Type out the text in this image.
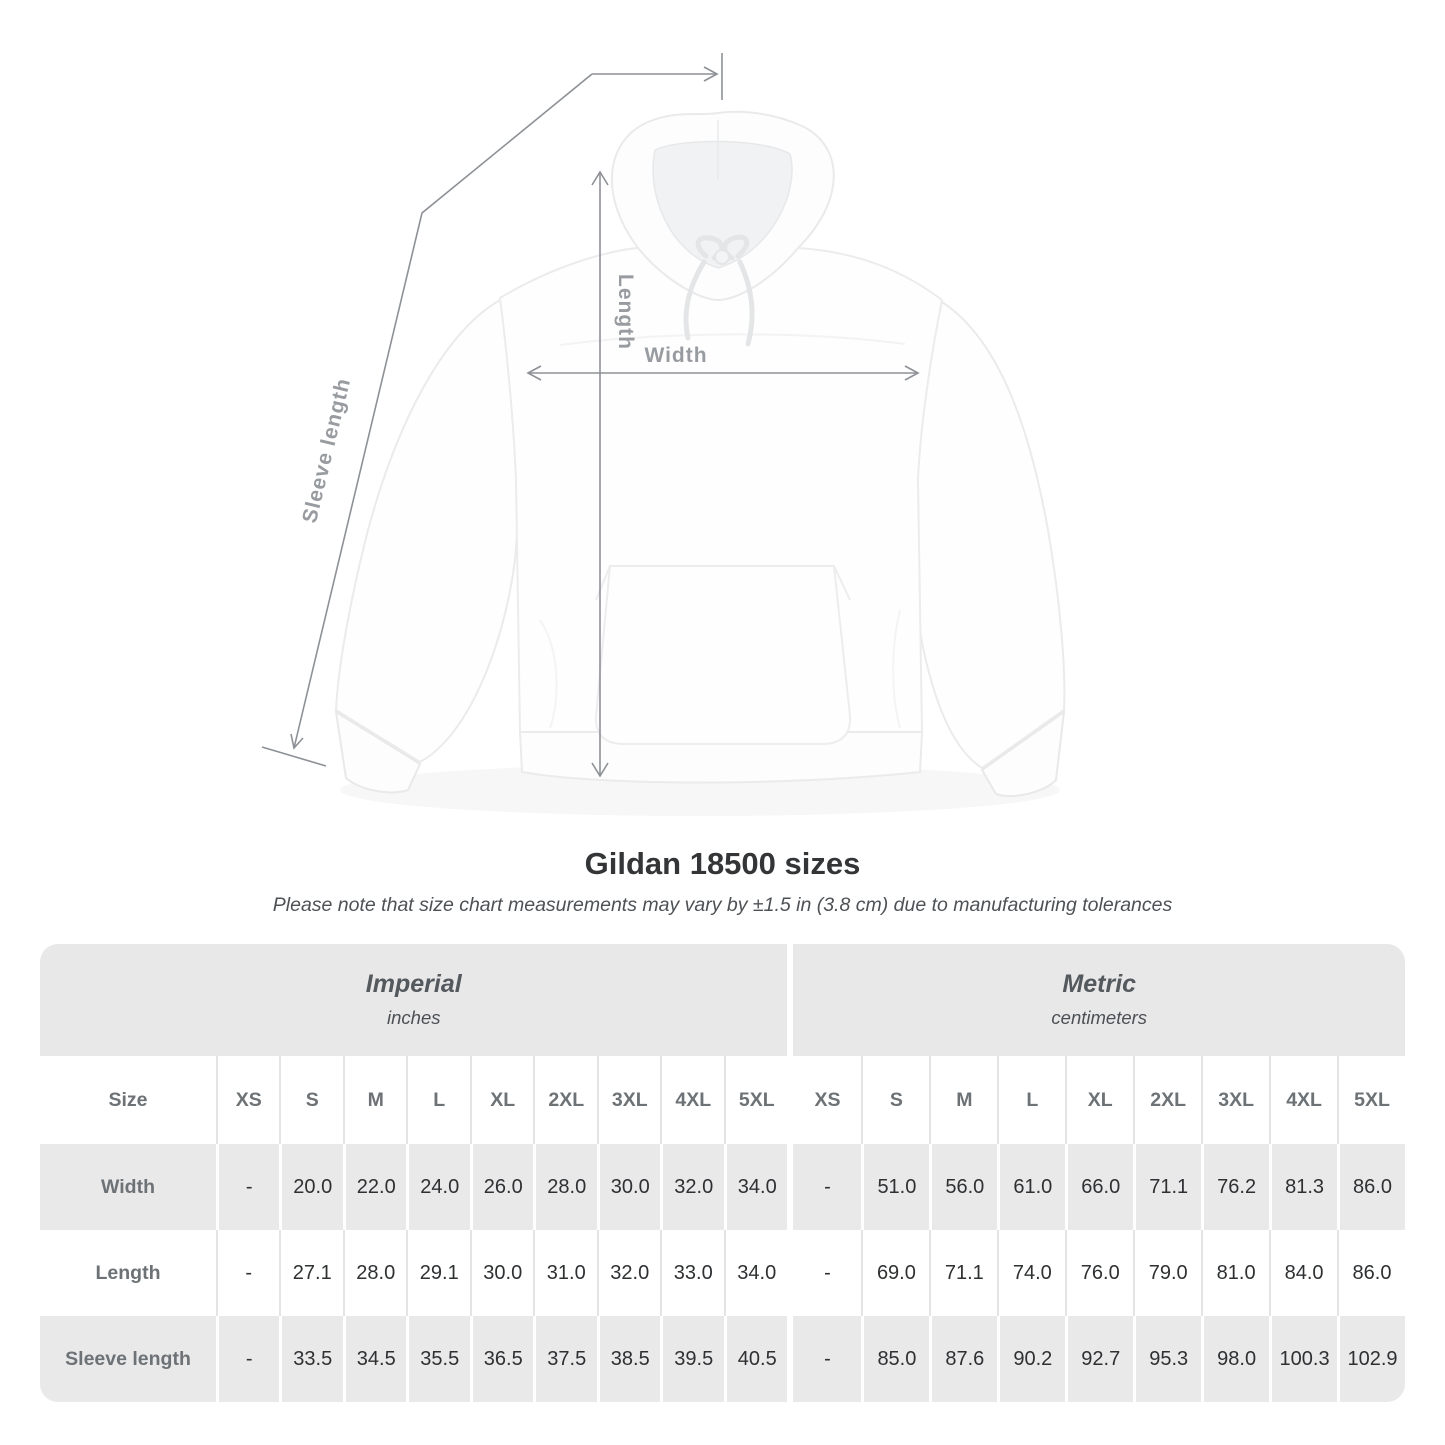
Length
Width
Sleeve length
Gildan 18500 sizes
Please note that size chart measurements may vary by ±1.5 in (3.8 cm) due to manufacturing tolerances
Imperial
inches
Metric
centimeters
Size	XS S	M	L XL 2XL 3XL 4XL 5XL XS	S	M	L	XL 2XL 3XL 4XL 5XL
Width	- 20.0 22.0 24.0 26.0 28.0 30.0 32.0 34.0 - 51.0 56.0 61.0 66.0 71.1 76.2 81.3 86.0
Length	- 27.1 28.0 29.1 30.0 31.0 32.0 33.0 34.0 - 69.0 71.1 74.0 76.0 79.0 81.0 84.0 86.0
Sleeve length	- 33.5 34.5 35.5 36.5 37.5 38.5 39.5 40.5 - 85.0 87.6 90.2 92.7 95.3 98.0 100.3 102.9
